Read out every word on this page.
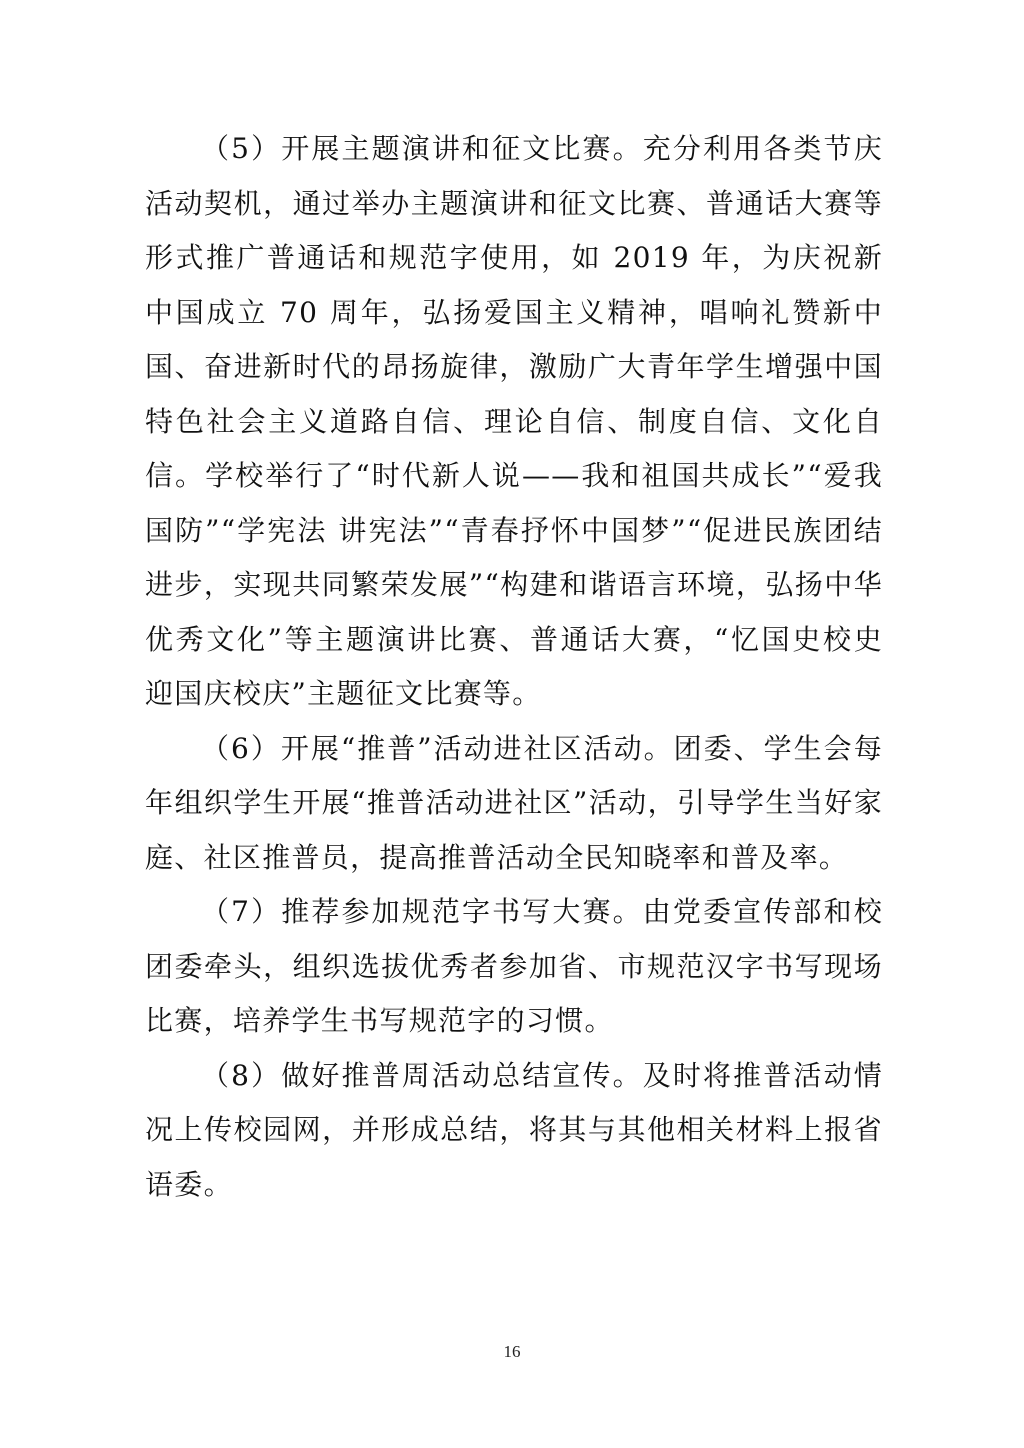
（5）开展主题演讲和征文比赛。充分利用各类节庆活动契机，通过举办主题演讲和征文比赛、普通话大赛等形式推广普通话和规范字使用，如 2019 年，为庆祝新中国成立 70 周年，弘扬爱国主义精神，唱响礼赞新中国、奋进新时代的昂扬旋律，激励广大青年学生增强中国特色社会主义道路自信、理论自信、制度自信、文化自信。学校举行了“时代新人说——我和祖国共成长”“爱我国防”“学宪法 讲宪法”“青春抒怀中国梦”“促进民族团结进步，实现共同繁荣发展”“构建和谐语言环境，弘扬中华优秀文化”等主题演讲比赛、普通话大赛，“忆国史校史 迎国庆校庆”主题征文比赛等。

（6）开展“推普”活动进社区活动。团委、学生会每年组织学生开展“推普活动进社区”活动，引导学生当好家庭、社区推普员，提高推普活动全民知晓率和普及率。

（7）推荐参加规范字书写大赛。由党委宣传部和校团委牵头，组织选拔优秀者参加省、市规范汉字书写现场比赛，培养学生书写规范字的习惯。

（8）做好推普周活动总结宣传。及时将推普活动情况上传校园网，并形成总结，将其与其他相关材料上报省语委。

16
